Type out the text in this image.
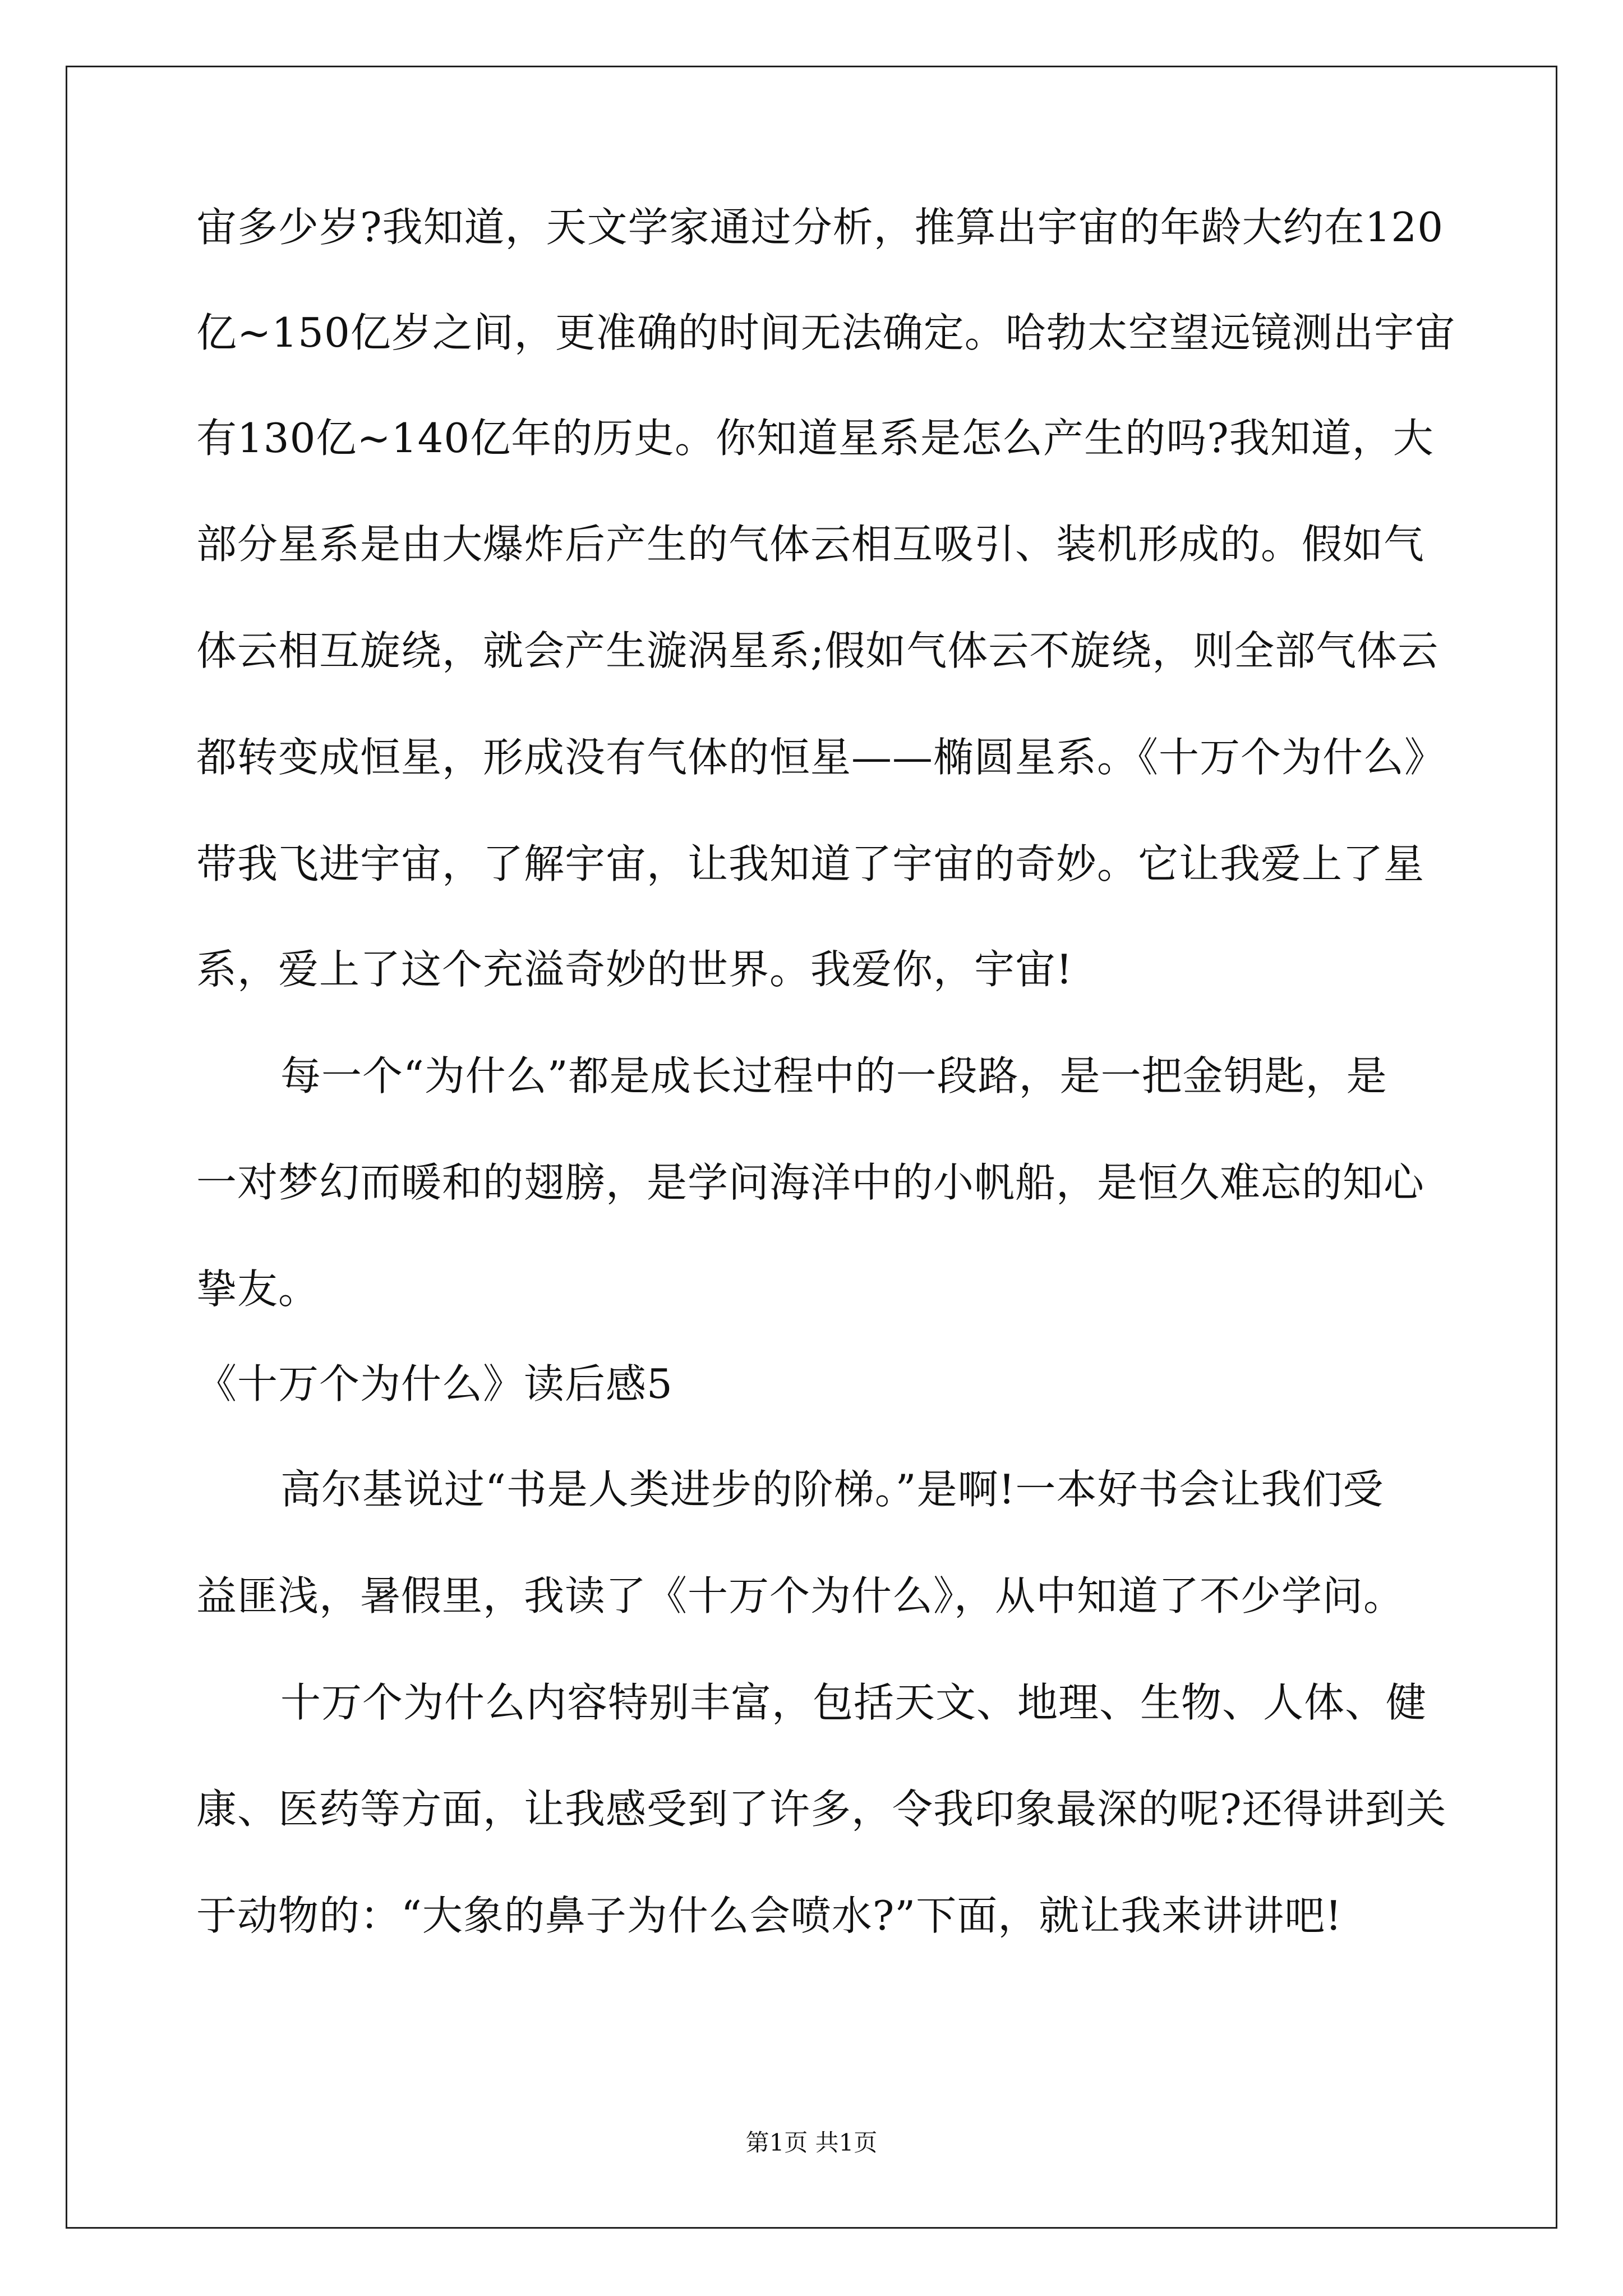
宙多少岁?我知道，天文学家通过分析，推算出宇宙的年龄大约在120
亿~150亿岁之间，更准确的时间无法确定。哈勃太空望远镜测出宇宙
有130亿~140亿年的历史。你知道星系是怎么产生的吗?我知道，大
部分星系是由大爆炸后产生的气体云相互吸引、装机形成的。假如气
体云相互旋绕，就会产生漩涡星系;假如气体云不旋绕，则全部气体云
都转变成恒星，形成没有气体的恒星——椭圆星系。《十万个为什么》
带我飞进宇宙，了解宇宙，让我知道了宇宙的奇妙。它让我爱上了星
系，爱上了这个充溢奇妙的世界。我爱你，宇宙!
每一个“为什么”都是成长过程中的一段路，是一把金钥匙，是
一对梦幻而暖和的翅膀，是学问海洋中的小帆船，是恒久难忘的知心
挚友。
《十万个为什么》读后感5
高尔基说过“书是人类进步的阶梯。”是啊!一本好书会让我们受
益匪浅，暑假里，我读了《十万个为什么》，从中知道了不少学问。
十万个为什么内容特别丰富，包括天文、地理、生物、人体、健
康、医药等方面，让我感受到了许多，令我印象最深的呢?还得讲到关
于动物的：“大象的鼻子为什么会喷水?”下面，就让我来讲讲吧!
第1页 共1页
